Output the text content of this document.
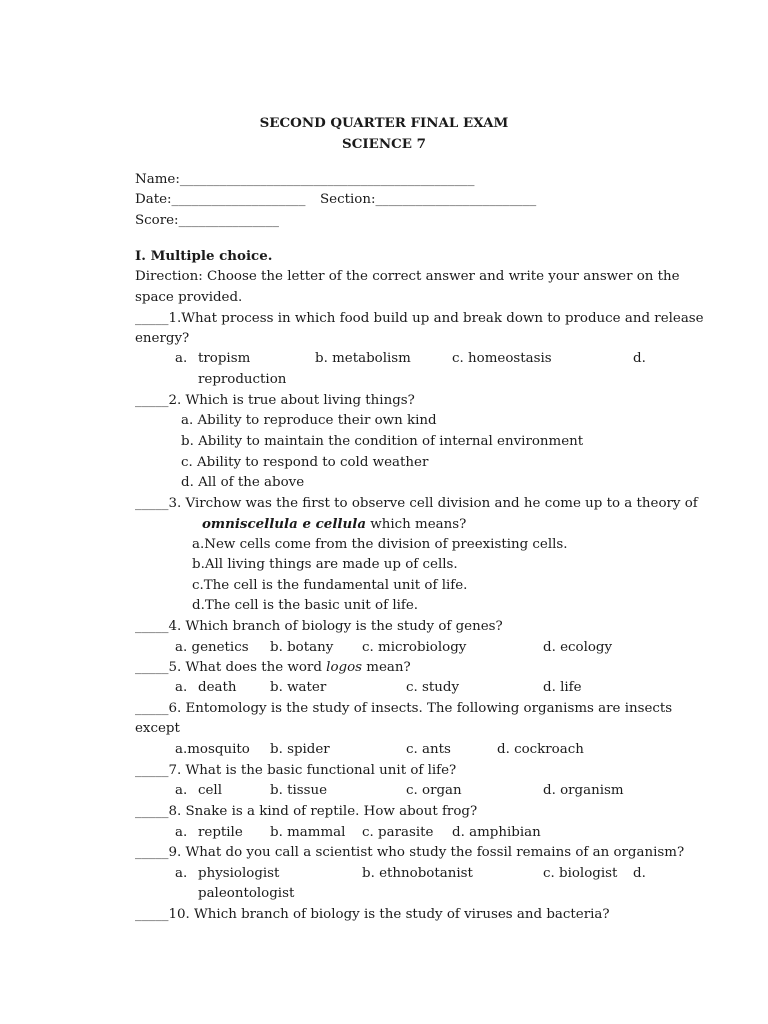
SECOND QUARTER FINAL EXAM
SCIENCE 7
Name:____________________________________________
Date:____________________ Section:________________________
Score:_______________
I. Multiple choice.
Direction: Choose the letter of the correct answer and write your answer on the
space provided.
_____1.What process in which food build up and break down to produce and release
energy?
a. tropism	b. metabolism	c. homeostasis	d.
reproduction
_____2. Which is true about living things?
a. Ability to reproduce their own kind
b. Ability to maintain the condition of internal environment
c. Ability to respond to cold weather
d. All of the above
_____3. Virchow was the first to observe cell division and he come up to a theory of
omniscellula e cellula which means?
a.New cells come from the division of preexisting cells.
b.All living things are made up of cells.
c.The cell is the fundamental unit of life.
d.The cell is the basic unit of life.
_____4. Which branch of biology is the study of genes?
a. genetics b. botany c. microbiology	d. ecology
_____5. What does the word logos mean?
a. death	b. water	c. study	d. life
_____6. Entomology is the study of insects. The following organisms are insects
except
a.mosquito b. spider	c. ants	d. cockroach
_____7. What is the basic functional unit of life?
a. cell	b. tissue	c. organ	d. organism
_____8. Snake is a kind of reptile. How about frog?
a. reptile b. mammal c. parasite d. amphibian
_____9. What do you call a scientist who study the fossil remains of an organism?
a. physiologist	b. ethnobotanist	c. biologist d.
paleontologist
_____10. Which branch of biology is the study of viruses and bacteria?
